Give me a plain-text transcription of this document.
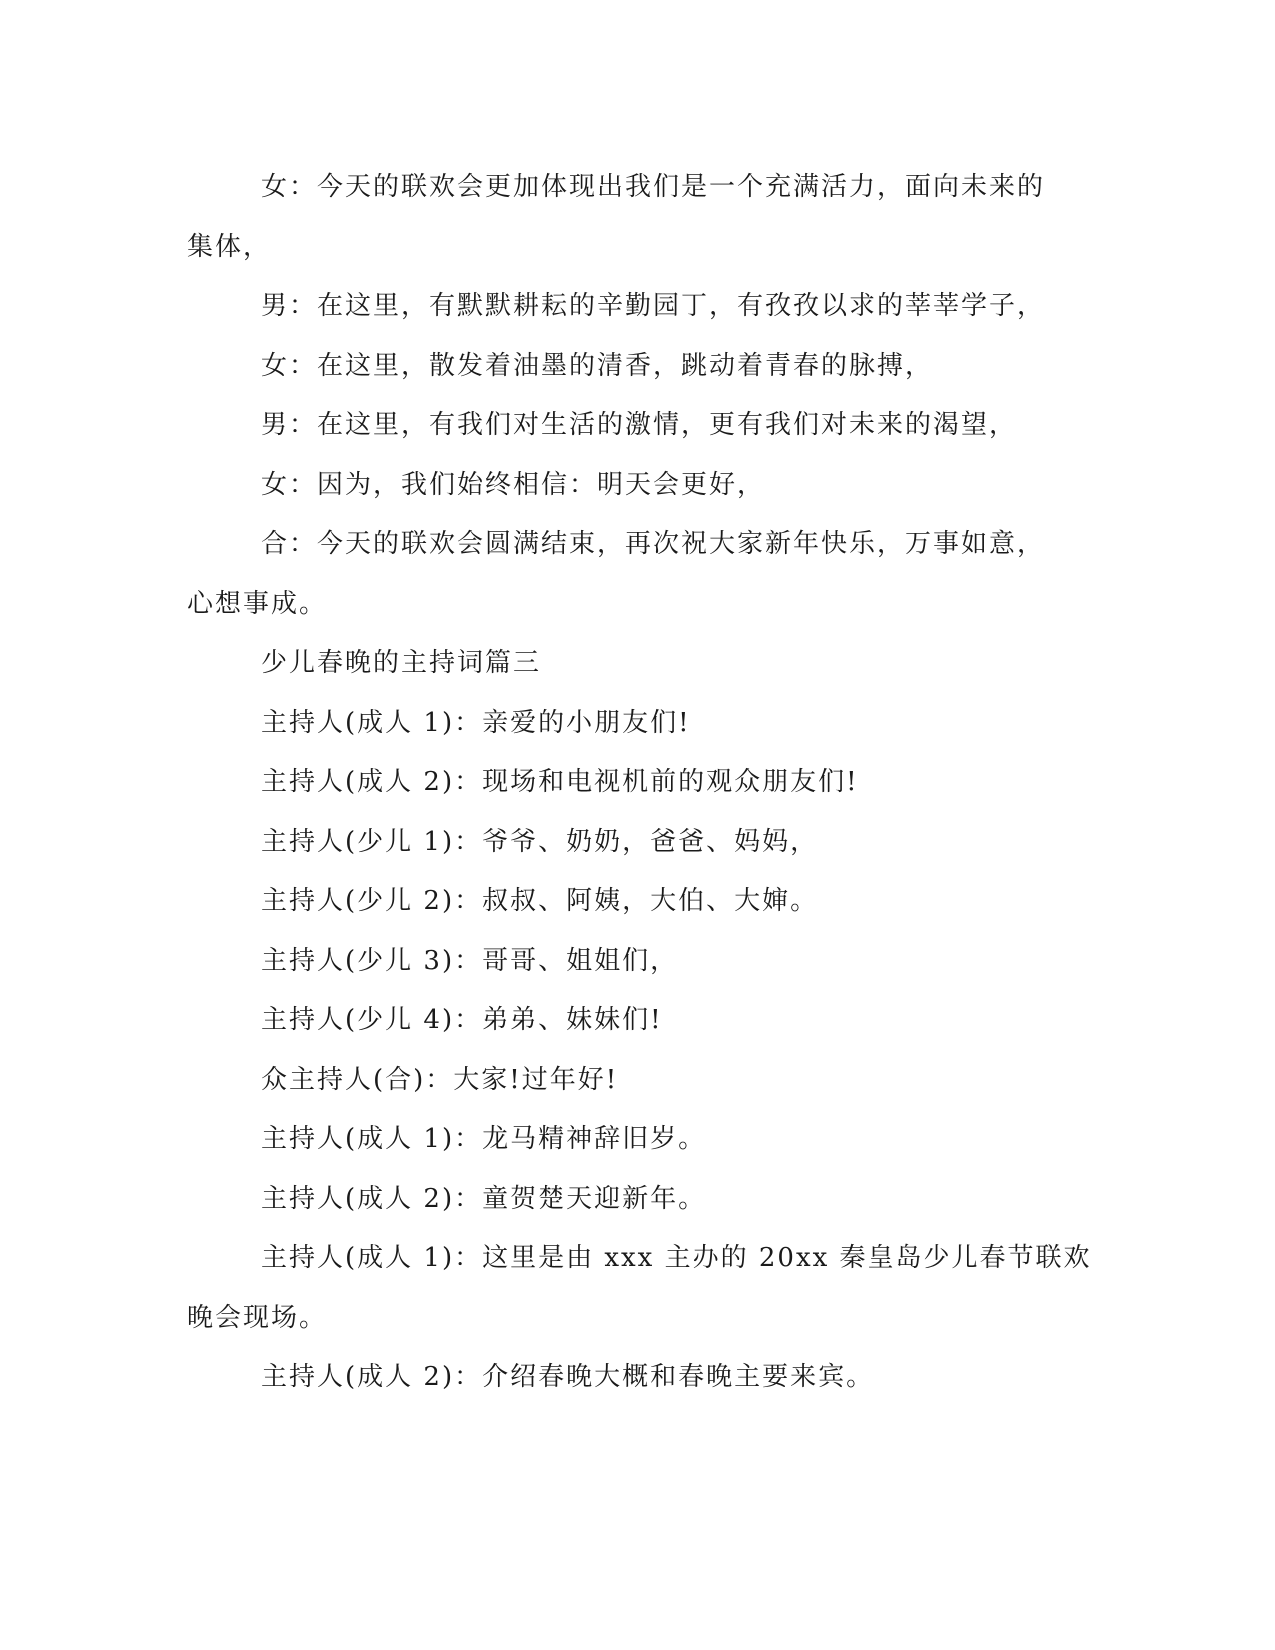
女：今天的联欢会更加体现出我们是一个充满活力，面向未来的
集体，

男：在这里，有默默耕耘的辛勤园丁，有孜孜以求的莘莘学子，

女：在这里，散发着油墨的清香，跳动着青春的脉搏，

男：在这里，有我们对生活的激情，更有我们对未来的渴望，

女：因为，我们始终相信：明天会更好，

合：今天的联欢会圆满结束，再次祝大家新年快乐，万事如意，
心想事成。

少儿春晚的主持词篇三

主持人(成人 1)：亲爱的小朋友们!

主持人(成人 2)：现场和电视机前的观众朋友们!

主持人(少儿 1)：爷爷、奶奶，爸爸、妈妈，

主持人(少儿 2)：叔叔、阿姨，大伯、大婶。

主持人(少儿 3)：哥哥、姐姐们，

主持人(少儿 4)：弟弟、妹妹们!

众主持人(合)：大家!过年好!

主持人(成人 1)：龙马精神辞旧岁。

主持人(成人 2)：童贺楚天迎新年。

主持人(成人 1)：这里是由 xxx 主办的 20xx 秦皇岛少儿春节联欢
晚会现场。

主持人(成人 2)：介绍春晚大概和春晚主要来宾。
